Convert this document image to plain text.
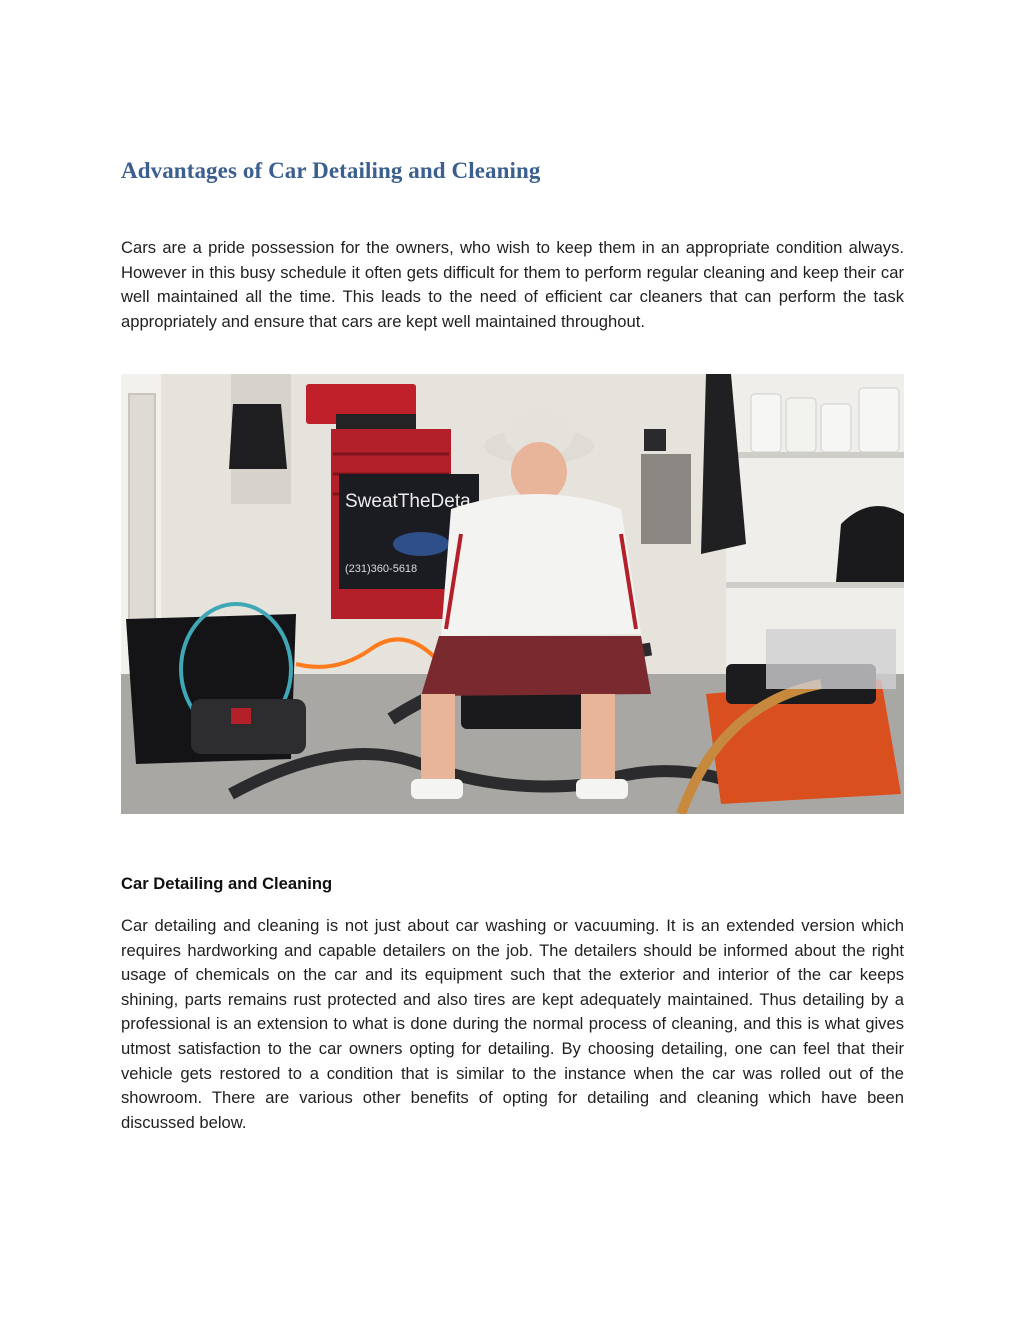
Advantages of Car Detailing and Cleaning

Cars are a pride possession for the owners, who wish to keep them in an appropriate condition always. However in this busy schedule it often gets difficult for them to perform regular cleaning and keep their car well maintained all the time. This leads to the need of efficient car cleaners that can perform the task appropriately and ensure that cars are kept well maintained throughout.

SweatTheDeta
(231)360-5618
Car Detailing and Cleaning

Car detailing and cleaning is not just about car washing or vacuuming. It is an extended version which requires hardworking and capable detailers on the job. The detailers should be informed about the right usage of chemicals on the car and its equipment such that the exterior and interior of the car keeps shining, parts remains rust protected and also tires are kept adequately maintained. Thus detailing by a professional is an extension to what is done during the normal process of cleaning, and this is what gives utmost satisfaction to the car owners opting for detailing. By choosing detailing, one can feel that their vehicle gets restored to a condition that is similar to the instance when the car was rolled out of the showroom. There are various other benefits of opting for detailing and cleaning which have been discussed below.
